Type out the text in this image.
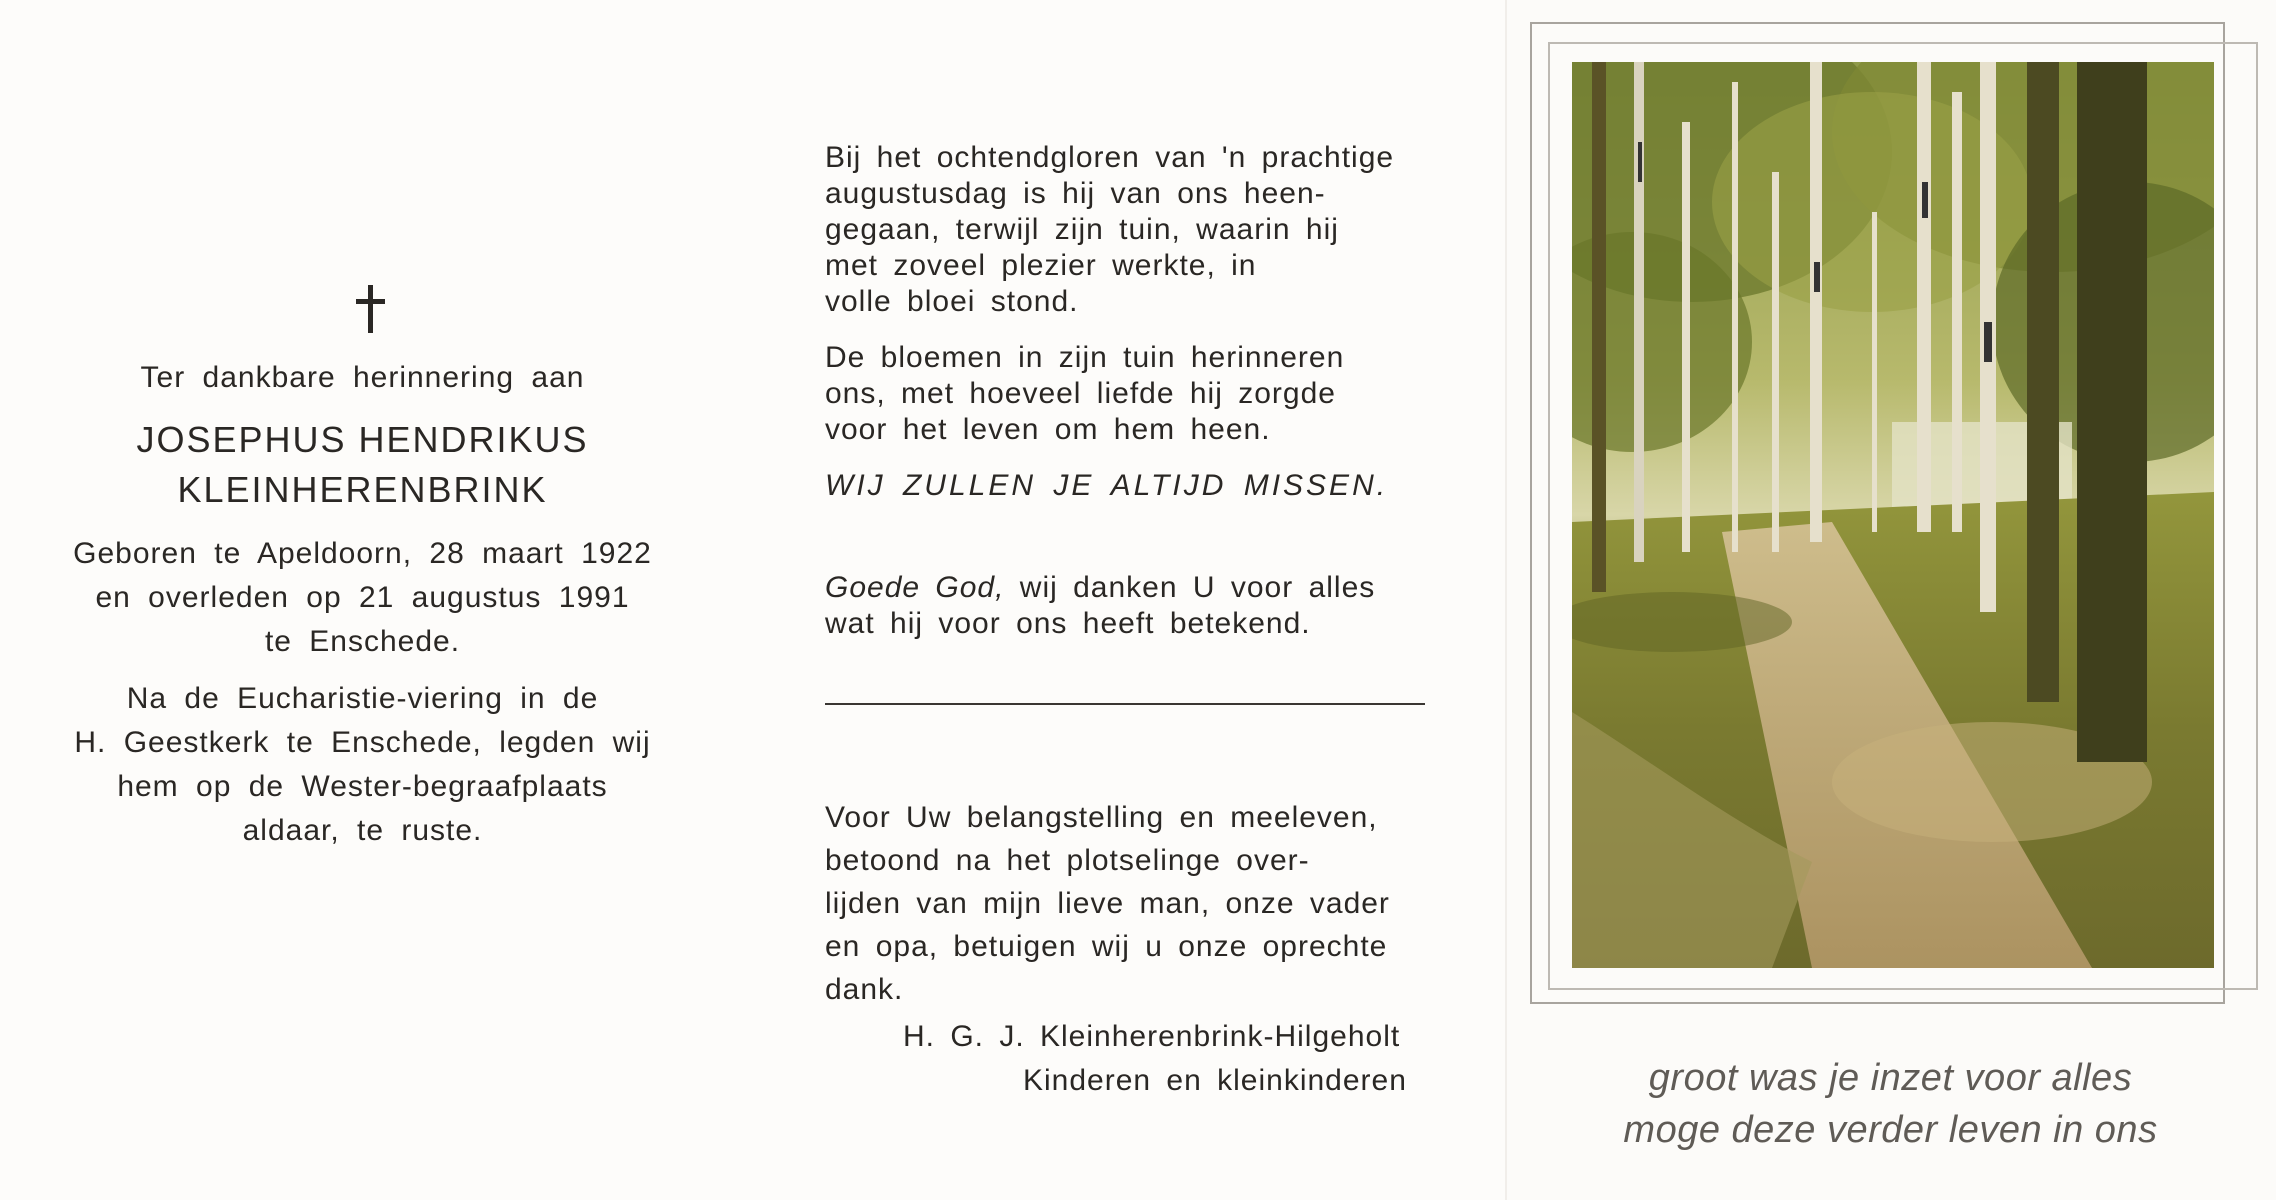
Ter dankbare herinnering aan
JOSEPHUS HENDRIKUS
KLEINHERENBRINK
Geboren te Apeldoorn, 28 maart 1922
en overleden op 21 augustus 1991
te Enschede.
Na de Eucharistie-viering in de
H. Geestkerk te Enschede, legden wij
hem op de Wester-begraafplaats
aldaar, te ruste.
Bij het ochtendgloren van 'n prachtige
augustusdag is hij van ons heen-
gegaan, terwijl zijn tuin, waarin hij
met zoveel plezier werkte, in
volle bloei stond.
De bloemen in zijn tuin herinneren
ons, met hoeveel liefde hij zorgde
voor het leven om hem heen.
WIJ ZULLEN JE ALTIJD MISSEN.
Goede God, wij danken U voor alles
wat hij voor ons heeft betekend.
Voor Uw belangstelling en meeleven,
betoond na het plotselinge over-
lijden van mijn lieve man, onze vader
en opa, betuigen wij u onze oprechte
dank.
H. G. J. Kleinherenbrink-Hilgeholt
Kinderen en kleinkinderen	groot was je inzet voor alles
moge deze verder leven in ons
